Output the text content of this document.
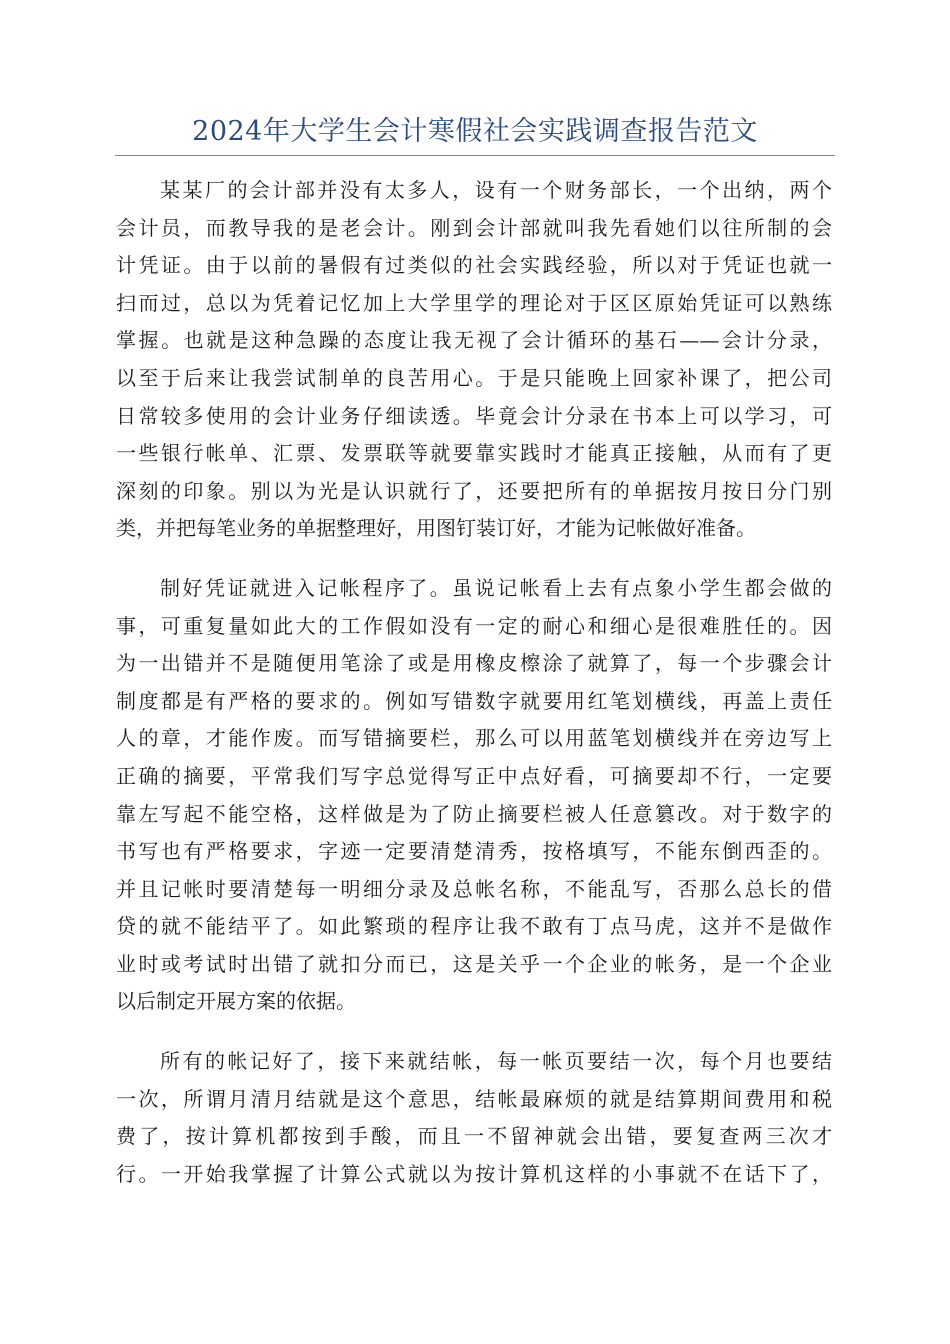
2024年大学生会计寒假社会实践调查报告范文
某某厂的会计部并没有太多人，设有一个财务部长，一个出纳，两个
会计员，而教导我的是老会计。刚到会计部就叫我先看她们以往所制的会
计凭证。由于以前的暑假有过类似的社会实践经验，所以对于凭证也就一
扫而过，总以为凭着记忆加上大学里学的理论对于区区原始凭证可以熟练
掌握。也就是这种急躁的态度让我无视了会计循环的基石——会计分录，
以至于后来让我尝试制单的良苦用心。于是只能晚上回家补课了，把公司
日常较多使用的会计业务仔细读透。毕竟会计分录在书本上可以学习，可
一些银行帐单、汇票、发票联等就要靠实践时才能真正接触，从而有了更
深刻的印象。别以为光是认识就行了，还要把所有的单据按月按日分门别
类，并把每笔业务的单据整理好，用图钉装订好，才能为记帐做好准备。
制好凭证就进入记帐程序了。虽说记帐看上去有点象小学生都会做的
事，可重复量如此大的工作假如没有一定的耐心和细心是很难胜任的。因
为一出错并不是随便用笔涂了或是用橡皮檫涂了就算了，每一个步骤会计
制度都是有严格的要求的。例如写错数字就要用红笔划横线，再盖上责任
人的章，才能作废。而写错摘要栏，那么可以用蓝笔划横线并在旁边写上
正确的摘要，平常我们写字总觉得写正中点好看，可摘要却不行，一定要
靠左写起不能空格，这样做是为了防止摘要栏被人任意篡改。对于数字的
书写也有严格要求，字迹一定要清楚清秀，按格填写，不能东倒西歪的。
并且记帐时要清楚每一明细分录及总帐名称，不能乱写，否那么总长的借
贷的就不能结平了。如此繁琐的程序让我不敢有丁点马虎，这并不是做作
业时或考试时出错了就扣分而已，这是关乎一个企业的帐务，是一个企业
以后制定开展方案的依据。
所有的帐记好了，接下来就结帐，每一帐页要结一次，每个月也要结
一次，所谓月清月结就是这个意思，结帐最麻烦的就是结算期间费用和税
费了，按计算机都按到手酸，而且一不留神就会出错，要复查两三次才
行。一开始我掌握了计算公式就以为按计算机这样的小事就不在话下了，
